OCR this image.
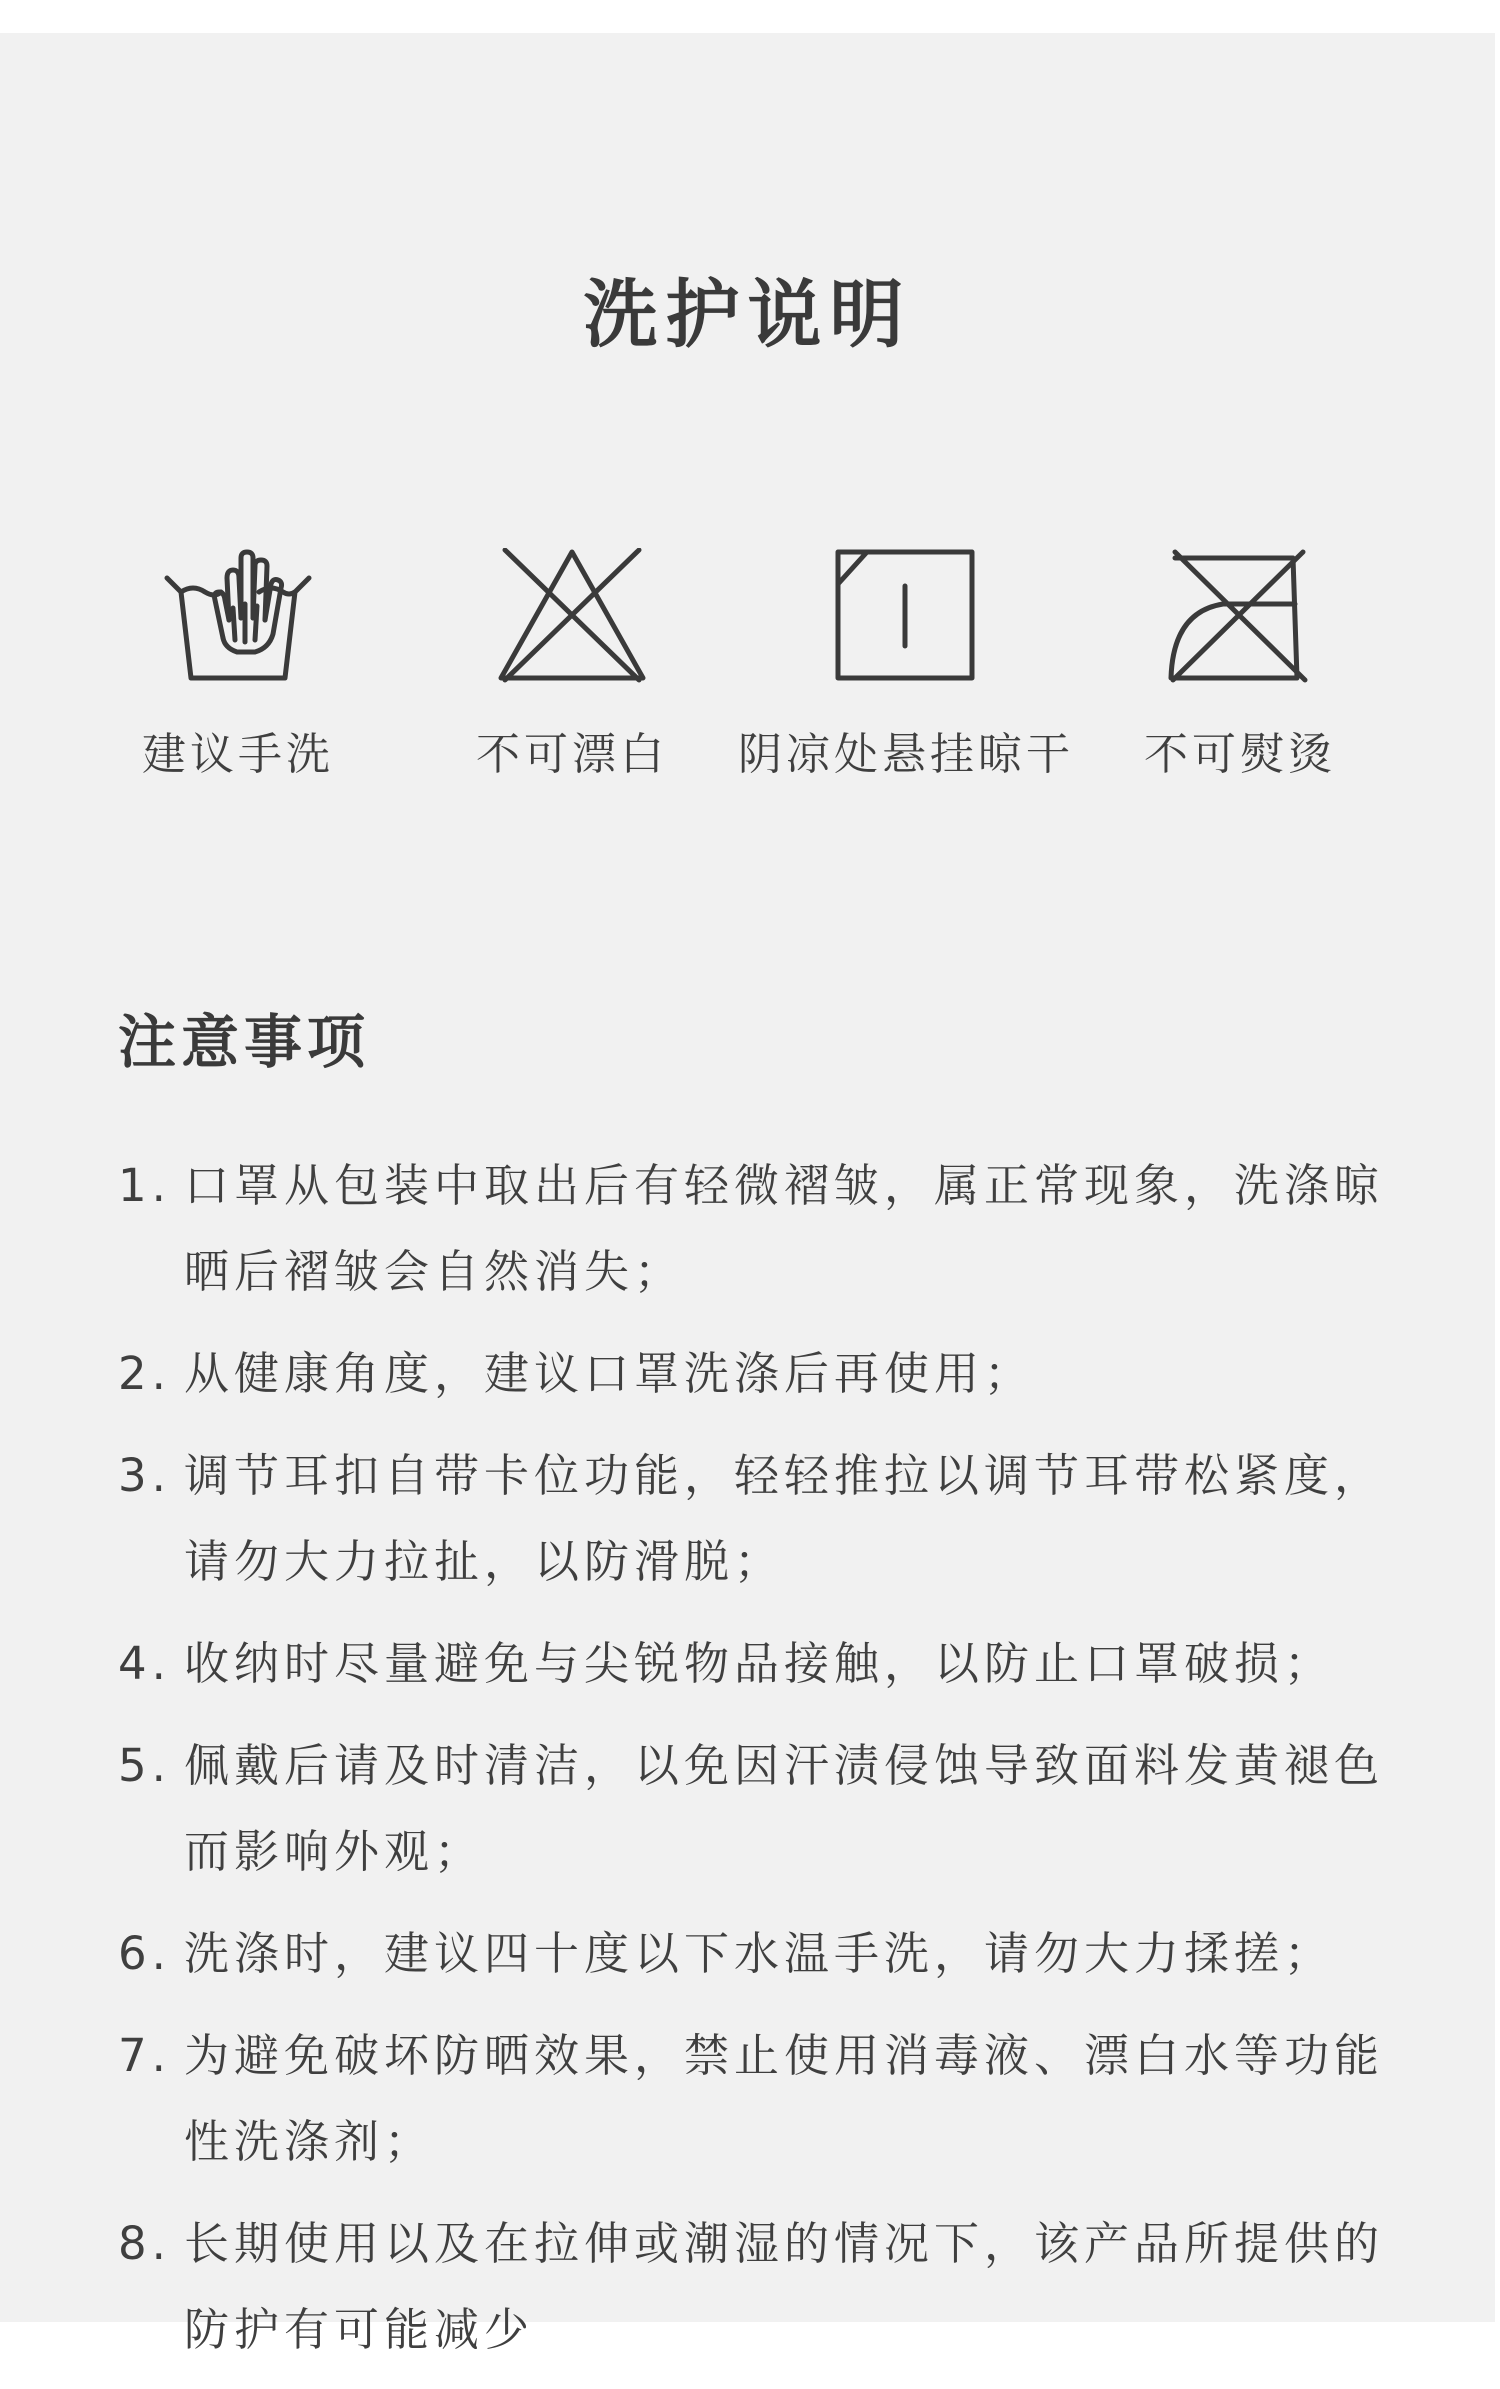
洗护说明
建议手洗	不可漂白	阴凉处悬挂晾干	不可熨烫
注意事项
1. 口罩从包装中取出后有轻微褶皱，属正常现象，洗涤晾晒后褶皱会自然消失；
2. 从健康角度，建议口罩洗涤后再使用；
3. 调节耳扣自带卡位功能，轻轻推拉以调节耳带松紧度，请勿大力拉扯，以防滑脱；
4. 收纳时尽量避免与尖锐物品接触，以防止口罩破损；
5. 佩戴后请及时清洁，以免因汗渍侵蚀导致面料发黄褪色而影响外观；
6. 洗涤时，建议四十度以下水温手洗，请勿大力揉搓；
7. 为避免破坏防晒效果，禁止使用消毒液、漂白水等功能性洗涤剂；
8. 长期使用以及在拉伸或潮湿的情况下，该产品所提供的防护有可能减少
